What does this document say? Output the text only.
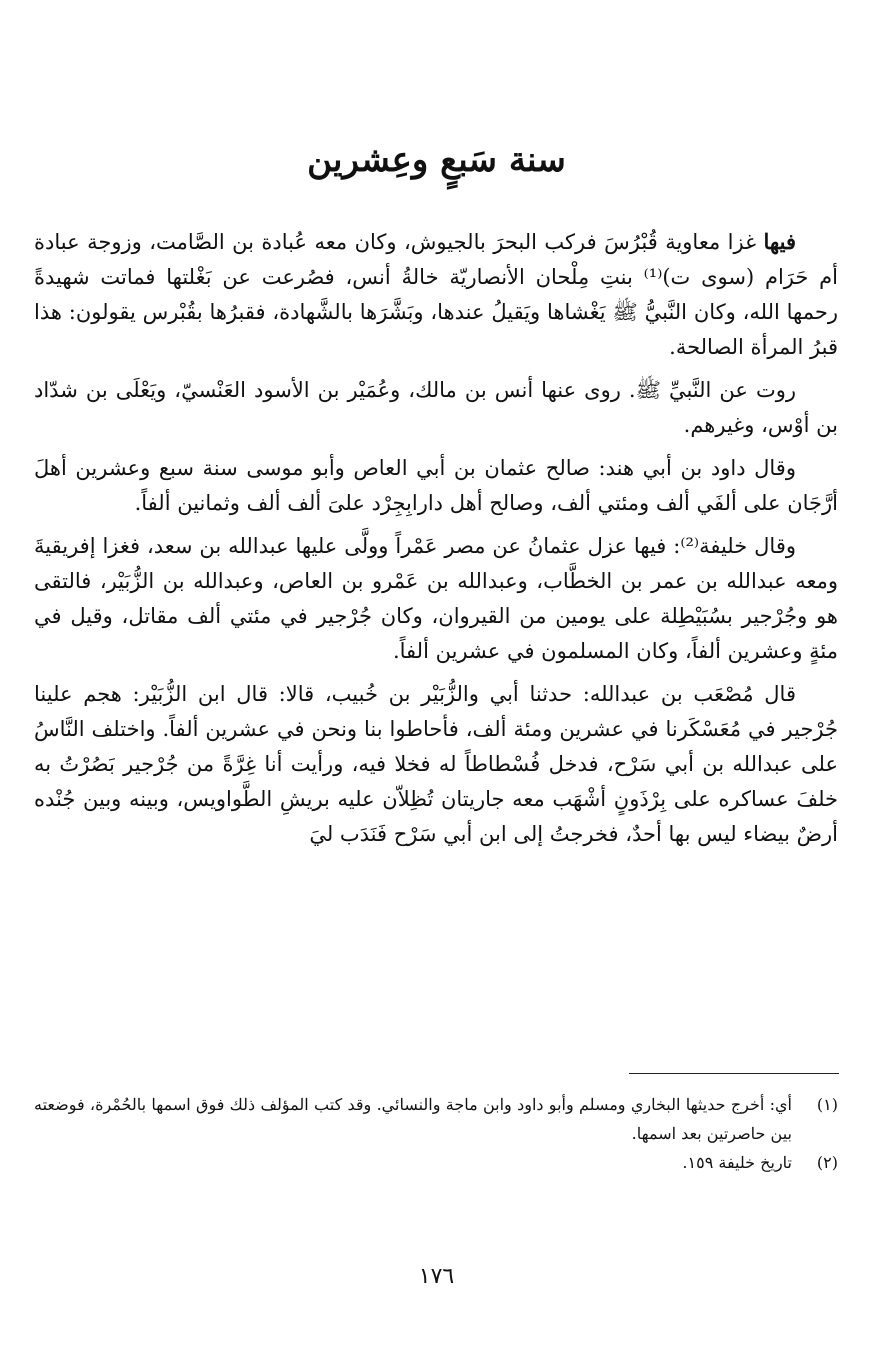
سنة سَبعٍ وعِشرين

فيها غزا معاوية قُبْرُسَ فركب البحرَ بالجيوش، وكان معه عُبادة بن الصَّامت، وزوجة عبادة أم حَرَام (سوى ت)⁽¹⁾ بنتِ مِلْحان الأنصاريّة خالةُ أنس، فصُرعت عن بَغْلتها فماتت شهيدةً رحمها الله، وكان النَّبيُّ ﷺ يَغْشاها ويَقيلُ عندها، وبَشَّرَها بالشَّهادة، فقبرُها بقُبْرس يقولون: هذا قبرُ المرأة الصالحة.

روت عن النَّبيِّ ﷺ. روى عنها أنس بن مالك، وعُمَيْر بن الأسود العَنْسيّ، ويَعْلَى بن شدّاد بن أوْس، وغيرهم.

وقال داود بن أبي هند: صالح عثمان بن أبي العاص وأبو موسى سنة سبع وعشرين أهلَ أرَّجَان على ألفَي ألف ومئتي ألف، وصالح أهل دارابِجِرْد علىَ ألف ألف وثمانين ألفاً.

وقال خليفة⁽²⁾: فيها عزل عثمانُ عن مصر عَمْراً وولَّى عليها عبدالله بن سعد، فغزا إفريقيةَ ومعه عبدالله بن عمر بن الخطَّاب، وعبدالله بن عَمْرو بن العاص، وعبدالله بن الزُّبَيْر، فالتقى هو وجُرْجير بسُبَيْطِلة على يومين من القيروان، وكان جُرْجير في مئتي ألف مقاتل، وقيل في مئةٍ وعشرين ألفاً، وكان المسلمون في عشرين ألفاً.

قال مُصْعَب بن عبدالله: حدثنا أبي والزُّبَيْر بن خُبيب، قالا: قال ابن الزُّبَيْر: هجم علينا جُرْجير في مُعَسْكَرنا في عشرين ومئة ألف، فأحاطوا بنا ونحن في عشرين ألفاً. واختلف النَّاسُ على عبدالله بن أبي سَرْح، فدخل فُسْطاطاً له فخلا فيه، ورأيت أنا غِرَّةً من جُرْجير بَصُرْتُ به خلفَ عساكره على بِرْذَونٍ أشْهَب معه جاريتان تُظِلاّن عليه بريشِ الطَّواويس، وبينه وبين جُنْده أرضٌ بيضاء ليس بها أحدٌ، فخرجتُ إلى ابن أبي سَرْح فَنَدَب ليَ

(١)
أي: أخرج حديثها البخاري ومسلم وأبو داود وابن ماجة والنسائي. وقد كتب المؤلف ذلك فوق اسمها بالحُمْرة، فوضعته بين حاصرتين بعد اسمها.
(٢)
تاريخ خليفة ١٥٩.
١٧٦
